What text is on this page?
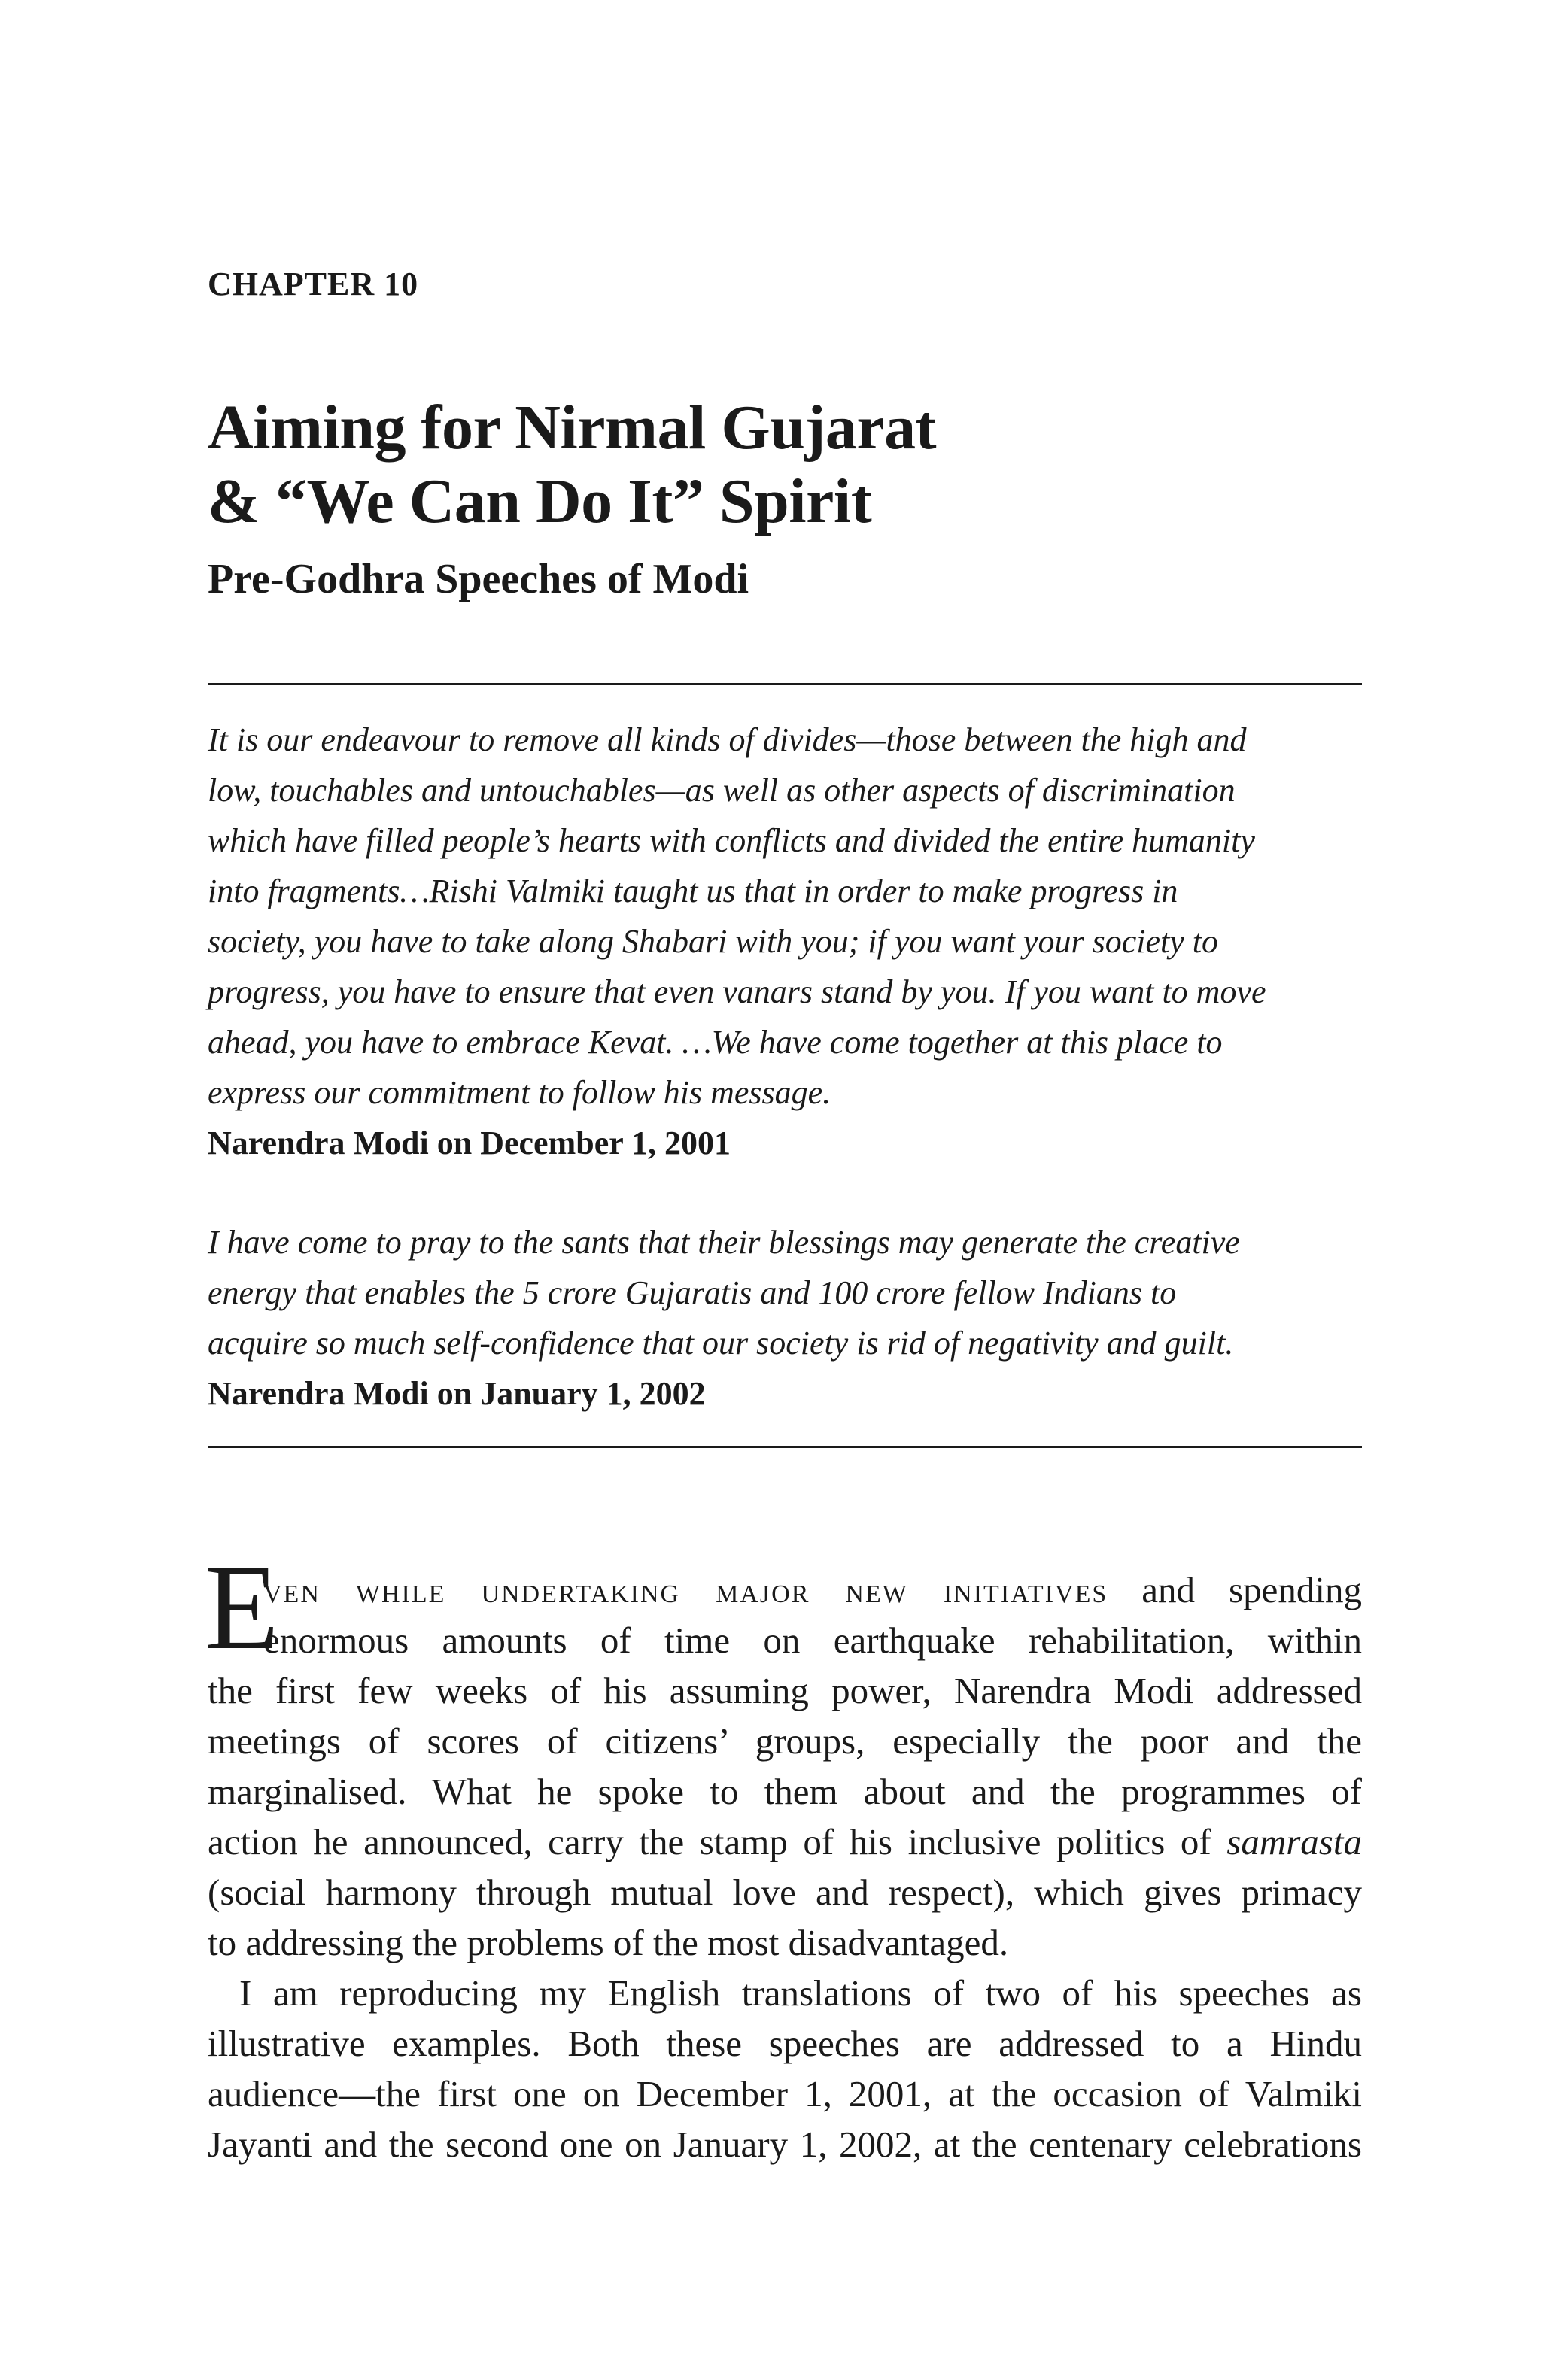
CHAPTER 10

Aiming for Nirmal Gujarat
& “We Can Do It” Spirit
Pre-Godhra Speeches of Modi

It is our endeavour to remove all kinds of divides—those between the high and
low, touchables and untouchables—as well as other aspects of discrimination
which have filled people’s hearts with conflicts and divided the entire humanity
into fragments…Rishi Valmiki taught us that in order to make progress in
society, you have to take along Shabari with you; if you want your society to
progress, you have to ensure that even vanars stand by you. If you want to move
ahead, you have to embrace Kevat. …We have come together at this place to
express our commitment to follow his message.

Narendra Modi on December 1, 2001

I have come to pray to the sants that their blessings may generate the creative
energy that enables the 5 crore Gujaratis and 100 crore fellow Indians to
acquire so much self-confidence that our society is rid of negativity and guilt.

Narendra Modi on January 1, 2002

E
ven while undertaking major new initiatives and spending
enormous amounts of time on earthquake rehabilitation, within
the first few weeks of his assuming power, Narendra Modi addressed
meetings of scores of citizens’ groups, especially the poor and the
marginalised. What he spoke to them about and the programmes of
action he announced, carry the stamp of his inclusive politics of samrasta
(social harmony through mutual love and respect), which gives primacy
to addressing the problems of the most disadvantaged.
I am reproducing my English translations of two of his speeches as
illustrative examples. Both these speeches are addressed to a Hindu
audience—the first one on December 1, 2001, at the occasion of Valmiki
Jayanti and the second one on January 1, 2002, at the centenary celebrations
